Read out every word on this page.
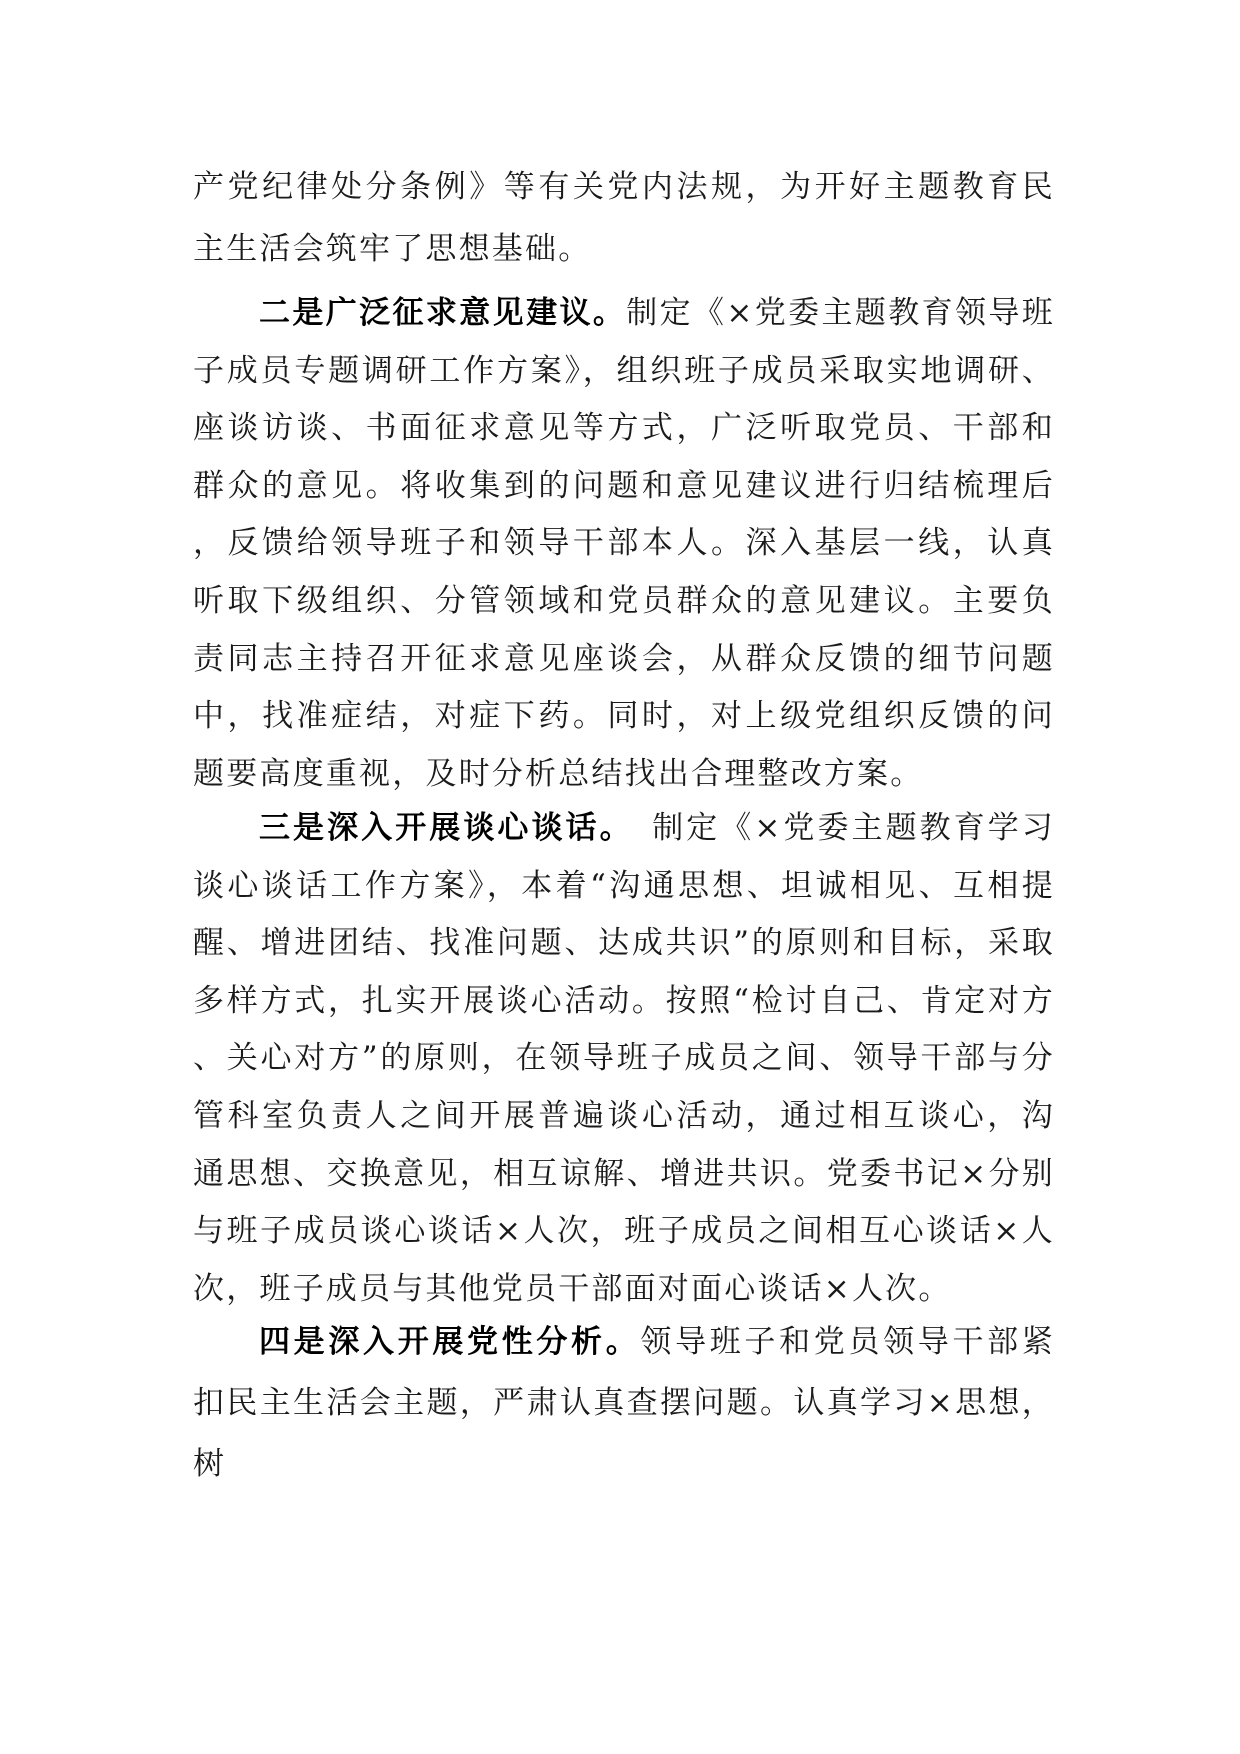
产党纪律处分条例》等有关党内法规，为开好主题教育民主生活会筑牢了思想基础。

二是广泛征求意见建议。制定《×党委主题教育领导班子成员专题调研工作方案》，组织班子成员采取实地调研、座谈访谈、书面征求意见等方式，广泛听取党员、干部和群众的意见。将收集到的问题和意见建议进行归结梳理后，反馈给领导班子和领导干部本人。深入基层一线，认真听取下级组织、分管领域和党员群众的意见建议。主要负责同志主持召开征求意见座谈会，从群众反馈的细节问题中，找准症结，对症下药。同时，对上级党组织反馈的问题要高度重视，及时分析总结找出合理整改方案。

三是深入开展谈心谈话。　制定《×党委主题教育学习谈心谈话工作方案》，本着“沟通思想、坦诚相见、互相提醒、增进团结、找准问题、达成共识”的原则和目标，采取多样方式，扎实开展谈心活动。按照“检讨自己、肯定对方、关心对方”的原则，在领导班子成员之间、领导干部与分管科室负责人之间开展普遍谈心活动，通过相互谈心，沟通思想、交换意见，相互谅解、增进共识。党委书记×分别与班子成员谈心谈话×人次，班子成员之间相互心谈话×人次，班子成员与其他党员干部面对面心谈话×人次。

四是深入开展党性分析。领导班子和党员领导干部紧扣民主生活会主题，严肃认真查摆问题。认真学习×思想，树
